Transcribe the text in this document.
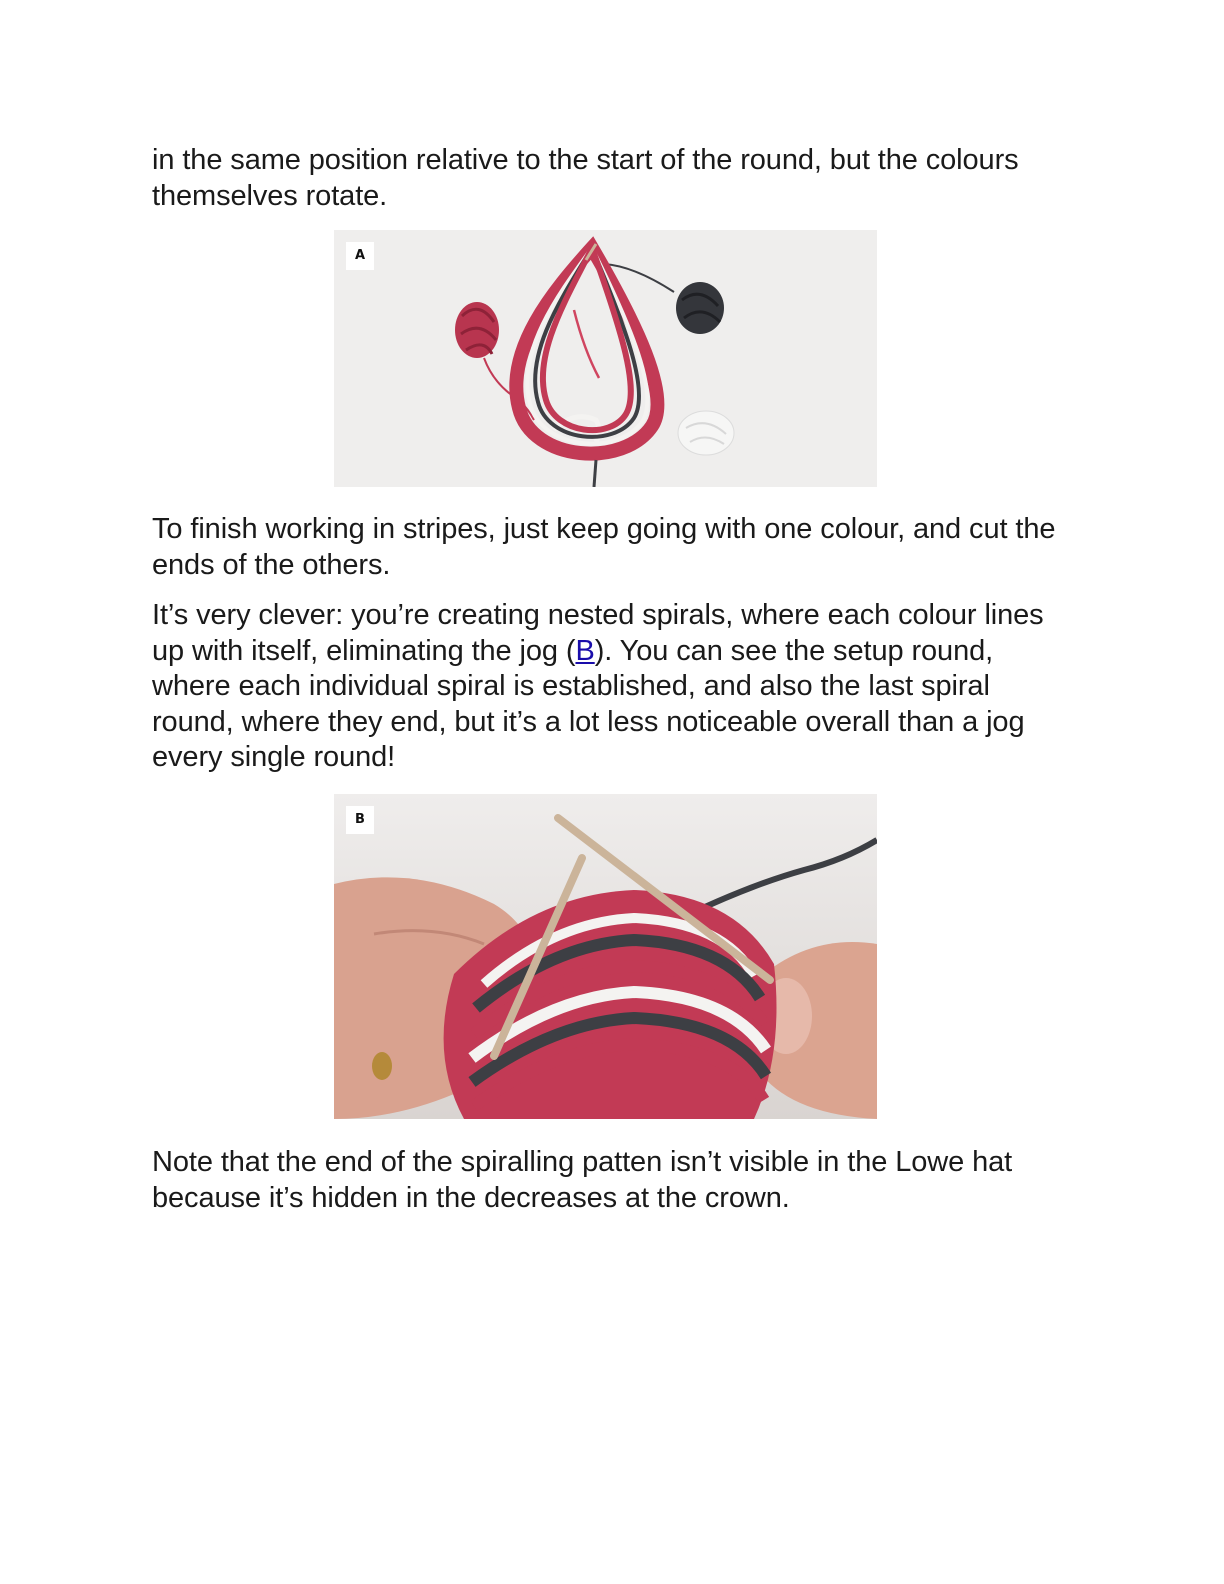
in the same position relative to the start of the round, but the colours themselves rotate.

A

To finish working in stripes, just keep going with one colour, and cut the ends of the others.

It’s very clever: you’re creating nested spirals, where each colour lines up with itself, eliminating the jog (B). You can see the setup round, where each individual spiral is established, and also the last spiral round, where they end, but it’s a lot less noticeable overall than a jog every single round!

B

Note that the end of the spiralling patten isn’t visible in the Lowe hat because it’s hidden in the decreases at the crown.
